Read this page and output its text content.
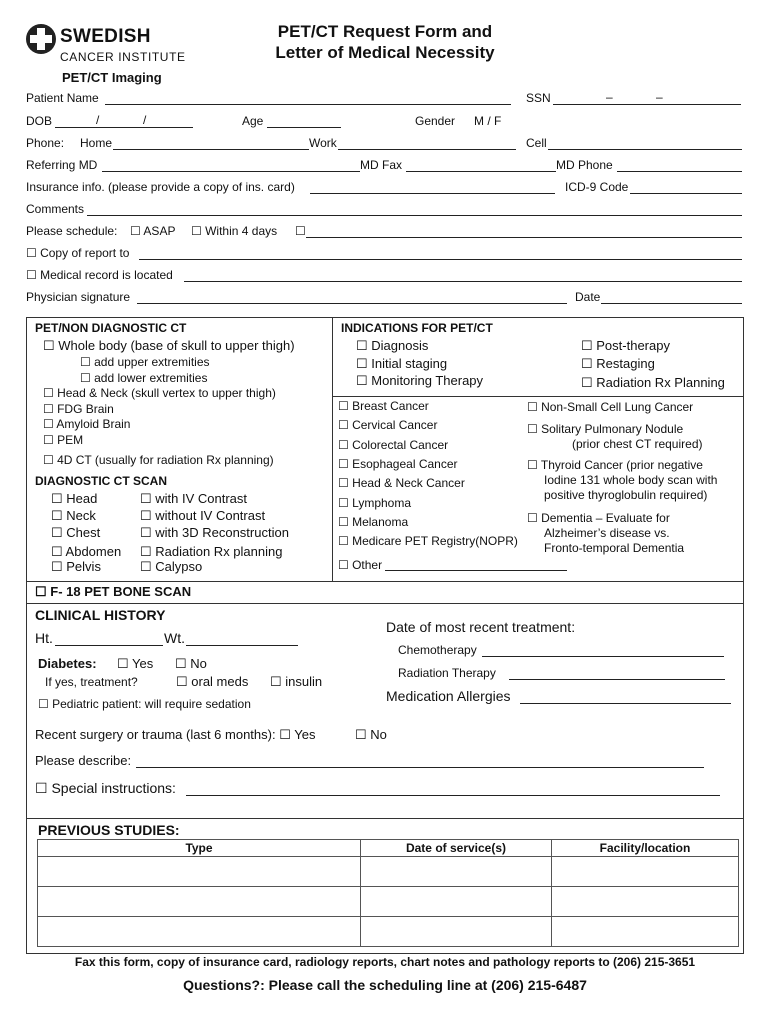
SWEDISH
CANCER INSTITUTE
PET/CT Imaging
PET/CT Request Form and
Letter of Medical Necessity
Patient Name	SSN	–	–
DOB	/	/	Age	Gender M / F
Phone: Home	Work	Cell
Referring MD	MD Fax	MD Phone
Insurance info. (please provide a copy of ins. card)	ICD-9 Code
Comments
Please schedule: ☐ ASAP ☐ Within 4 days ☐
☐ Copy of report to
☐ Medical record is located
Physician signature	Date
PET/NON DIAGNOSTIC CT
☐ Whole body (base of skull to upper thigh)
☐ add upper extremities
☐ add lower extremities
☐ Head & Neck (skull vertex to upper thigh)
☐ FDG Brain
☐ Amyloid Brain
☐ PEM
☐ 4D CT (usually for radiation Rx planning)
DIAGNOSTIC CT SCAN
☐ Head
☐ Neck
☐ Chest
☐ Abdomen
☐ Pelvis
☐ with IV Contrast
☐ without IV Contrast
☐ with 3D Reconstruction
☐ Radiation Rx planning
☐ Calypso
INDICATIONS FOR PET/CT
☐ Diagnosis
☐ Initial staging
☐ Monitoring Therapy
☐ Post-therapy
☐ Restaging
☐ Radiation Rx Planning
☐ Breast Cancer
☐ Cervical Cancer
☐ Colorectal Cancer
☐ Esophageal Cancer
☐ Head & Neck Cancer
☐ Lymphoma
☐ Melanoma
☐ Medicare PET Registry(NOPR)
☐ Other
☐ Non-Small Cell Lung Cancer
☐ Solitary Pulmonary Nodule
(prior chest CT required)
☐ Thyroid Cancer (prior negative
Iodine 131 whole body scan with
positive thyroglobulin required)
☐ Dementia – Evaluate for
Alzheimer’s disease vs.
Fronto-temporal Dementia
☐ F- 18 PET BONE SCAN
CLINICAL HISTORY
Ht.	Wt.
Diabetes: ☐ Yes ☐ No
If yes, treatment?	☐ oral meds ☐ insulin
☐ Pediatric patient: will require sedation
Date of most recent treatment:
Chemotherapy
Radiation Therapy
Medication Allergies
Recent surgery or trauma (last 6 months): ☐ Yes	☐ No
Please describe:
☐ Special instructions:
PREVIOUS STUDIES:
Type	Date of service(s)	Facility/location

Fax this form, copy of insurance card, radiology reports, chart notes and pathology reports to (206) 215-3651
Questions?: Please call the scheduling line at (206) 215-6487
